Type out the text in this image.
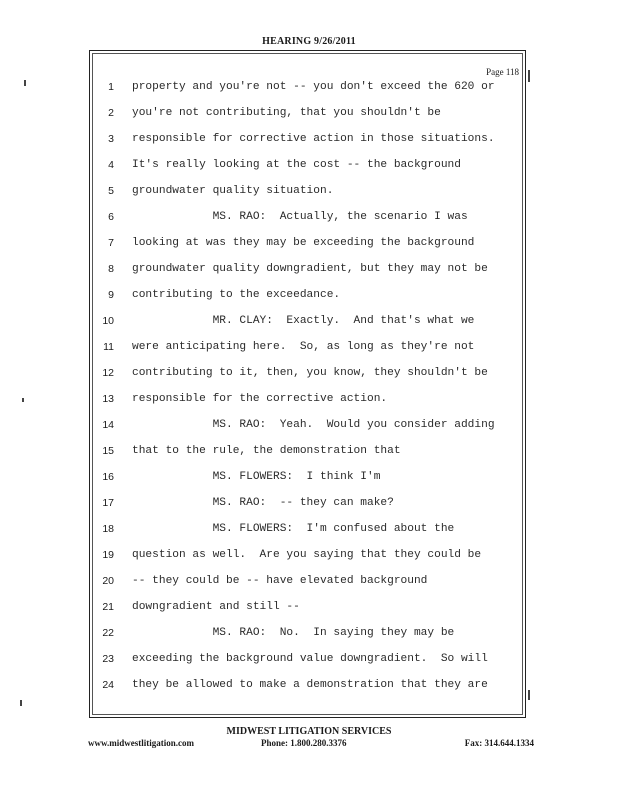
HEARING 9/26/2011
Page 118
1 property and you're not -- you don't exceed the 620 or
2 you're not contributing, that you shouldn't be
3 responsible for corrective action in those situations.
4 It's really looking at the cost -- the background
5 groundwater quality situation.
6 MS. RAO:  Actually, the scenario I was
7 looking at was they may be exceeding the background
8 groundwater quality downgradient, but they may not be
9 contributing to the exceedance.
10 MR. CLAY:  Exactly.  And that's what we
11 were anticipating here.  So, as long as they're not
12 contributing to it, then, you know, they shouldn't be
13 responsible for the corrective action.
14 MS. RAO:  Yeah.  Would you consider adding
15 that to the rule, the demonstration that
16 MS. FLOWERS:  I think I'm
17 MS. RAO:  -- they can make?
18 MS. FLOWERS:  I'm confused about the
19 question as well.  Are you saying that they could be
20 -- they could be -- have elevated background
21 downgradient and still --
22 MS. RAO:  No.  In saying they may be
23 exceeding the background value downgradient.  So will
24 they be allowed to make a demonstration that they are
MIDWEST LITIGATION SERVICES
www.midwestlitigation.com	Phone: 1.800.280.3376	Fax: 314.644.1334
